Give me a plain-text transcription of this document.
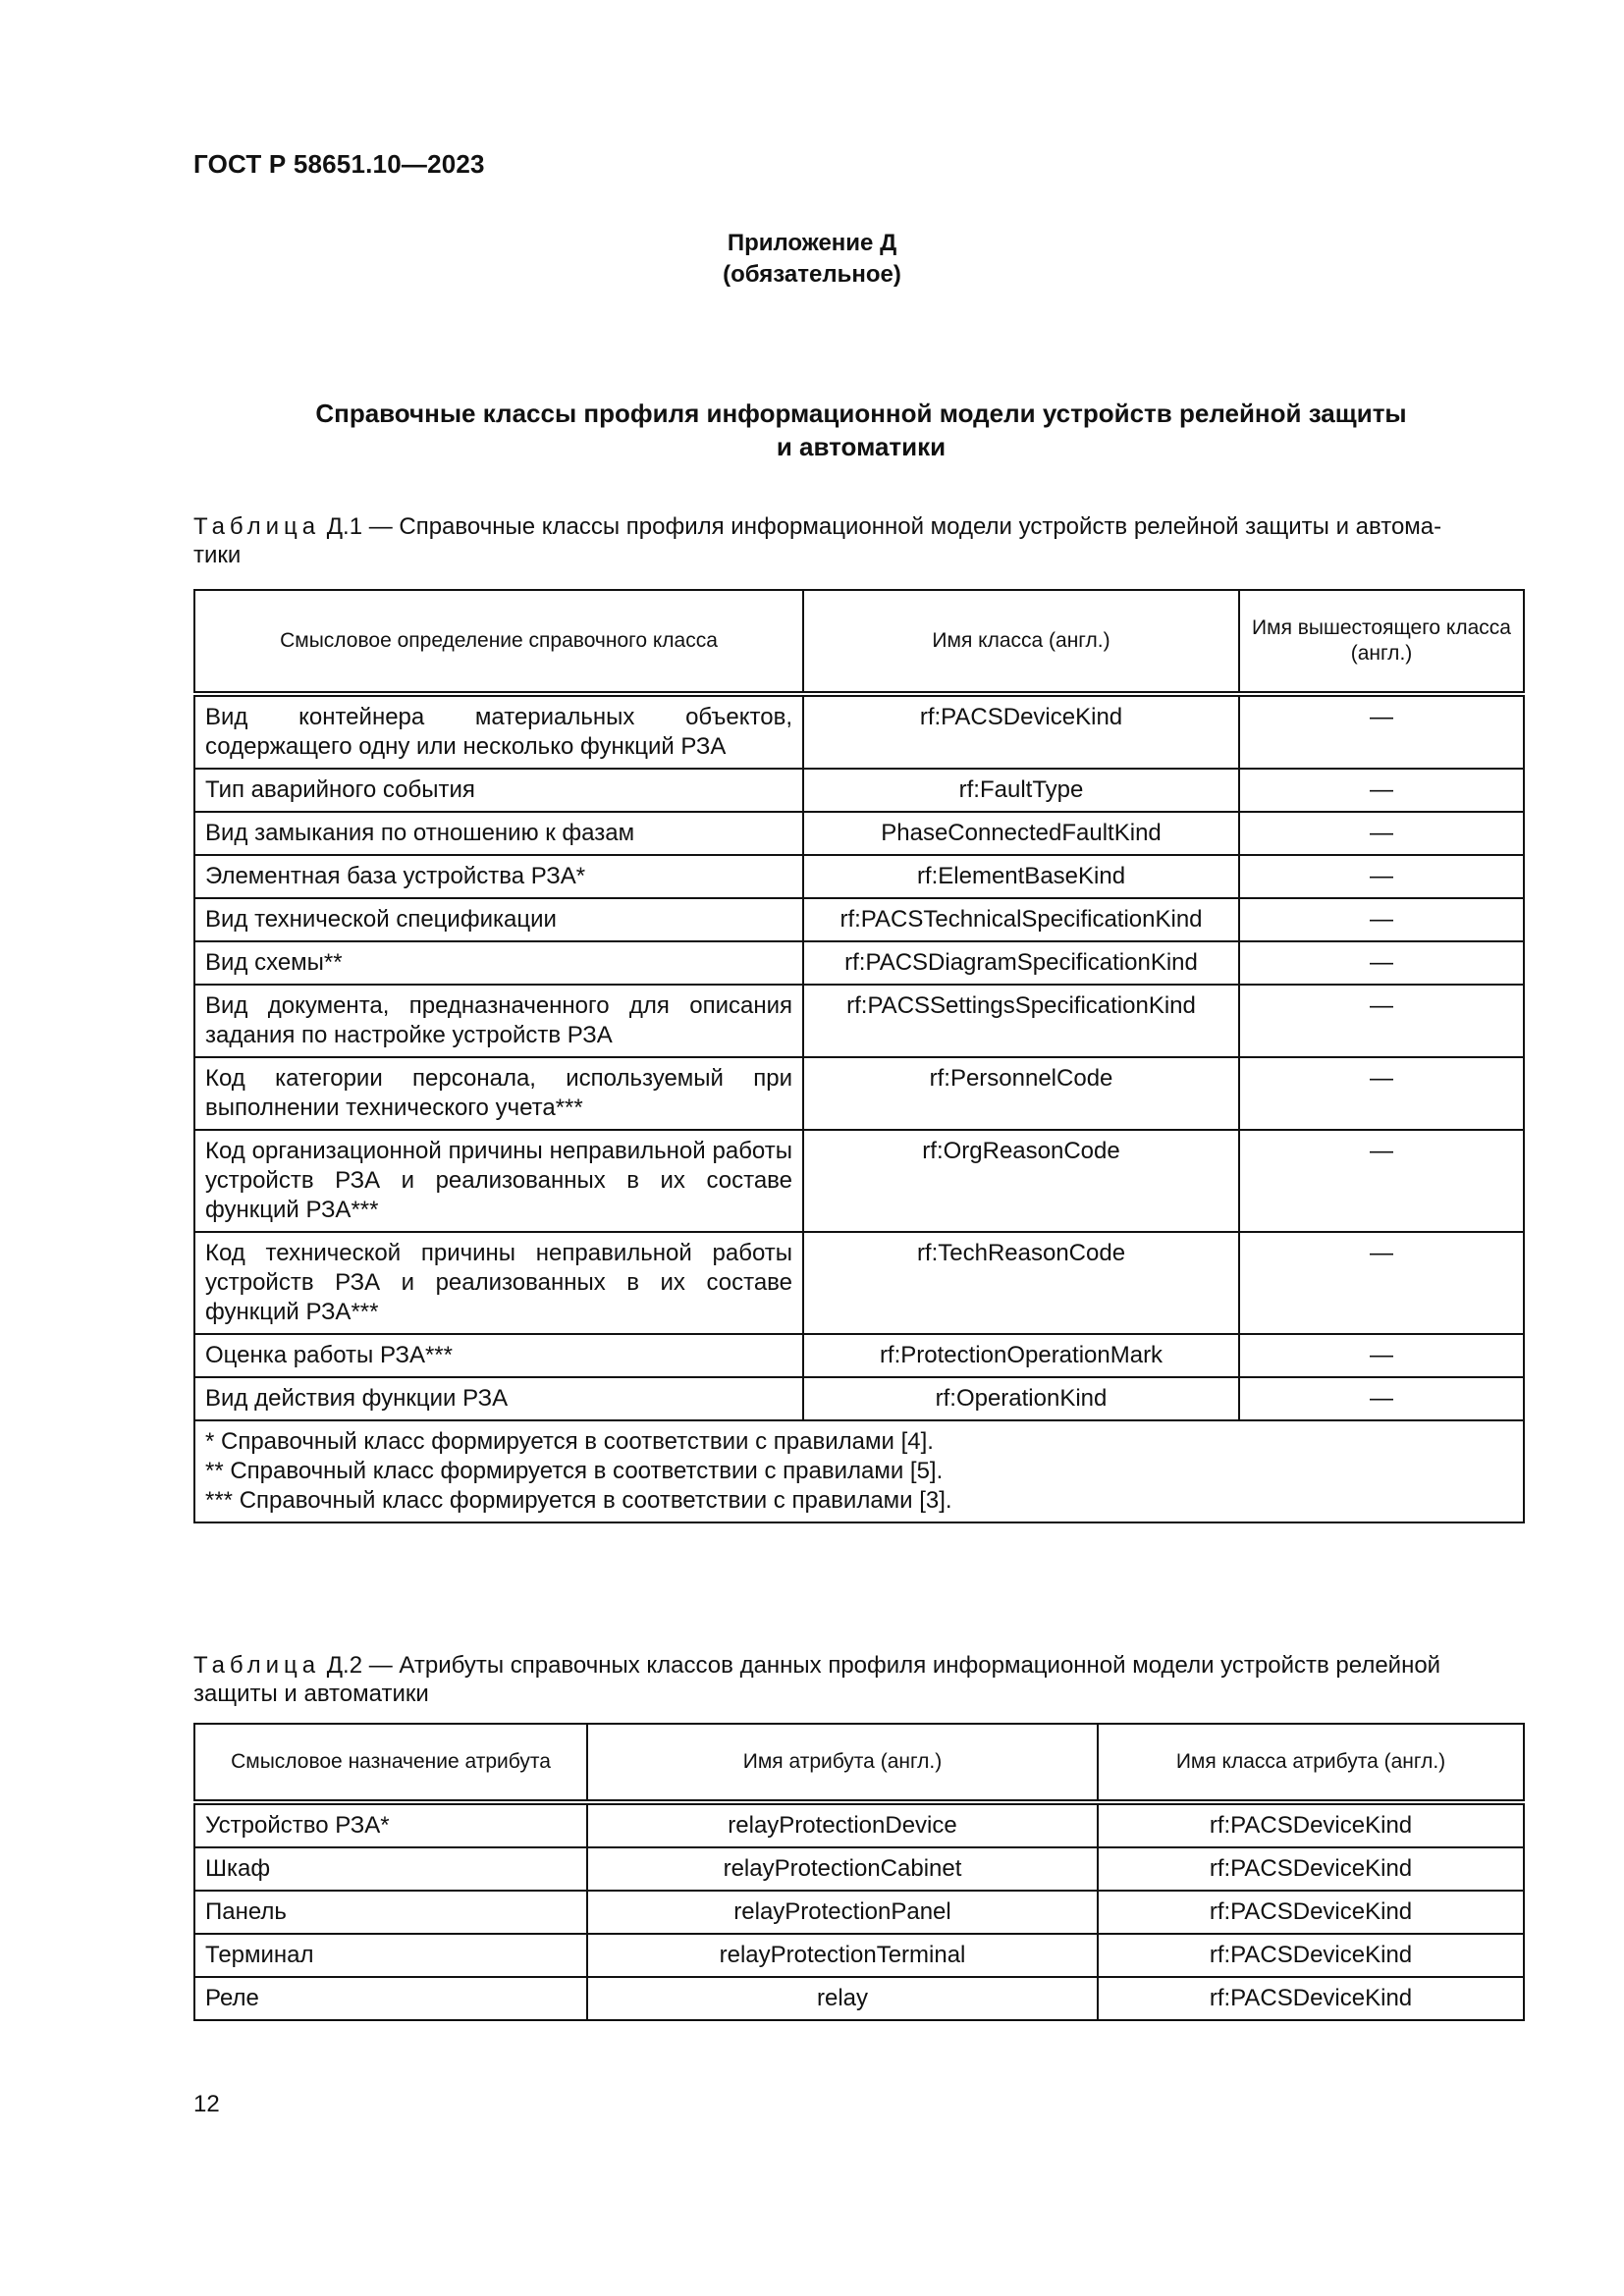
ГОСТ Р 58651.10—2023
Приложение Д
(обязательное)
Справочные классы профиля информационной модели устройств релейной защиты
и автоматики
Таблица Д.1 — Справочные классы профиля информационной модели устройств релейной защиты и автома-
тики
Смысловое определение справочного класса	Имя класса (англ.)	Имя вышестоящего класса (англ.)
Вид контейнера материальных объектов, содержащего одну или несколько функций РЗА	rf:PACSDeviceKind	—
Тип аварийного события	rf:FaultType	—
Вид замыкания по отношению к фазам	PhaseConnectedFaultKind	—
Элементная база устройства РЗА*	rf:ElementBaseKind	—
Вид технической спецификации	rf:PACSTechnicalSpecificationKind	—
Вид схемы**	rf:PACSDiagramSpecificationKind	—
Вид документа, предназначенного для описания задания по настройке устройств РЗА	rf:PACSSettingsSpecificationKind	—
Код категории персонала, используемый при выполнении технического учета***	rf:PersonnelCode	—
Код организационной причины неправильной работы устройств РЗА и реализованных в их составе функций РЗА***	rf:OrgReasonCode	—
Код технической причины неправильной работы устройств РЗА и реализованных в их составе функций РЗА***	rf:TechReasonCode	—
Оценка работы РЗА***	rf:ProtectionOperationMark	—
Вид действия функции РЗА	rf:OperationKind	—

* Справочный класс формируется в соответствии с правилами [4].
** Справочный класс формируется в соответствии с правилами [5].
*** Справочный класс формируется в соответствии с правилами [3].		
Таблица Д.2 — Атрибуты справочных классов данных профиля информационной модели устройств релейной
защиты и автоматики
Смысловое назначение атрибута	Имя атрибута (англ.)	Имя класса атрибута (англ.)
Устройство РЗА*	relayProtectionDevice	rf:PACSDeviceKind
Шкаф	relayProtectionCabinet	rf:PACSDeviceKind
Панель	relayProtectionPanel	rf:PACSDeviceKind
Терминал	relayProtectionTerminal	rf:PACSDeviceKind
Реле	relay	rf:PACSDeviceKind
12
